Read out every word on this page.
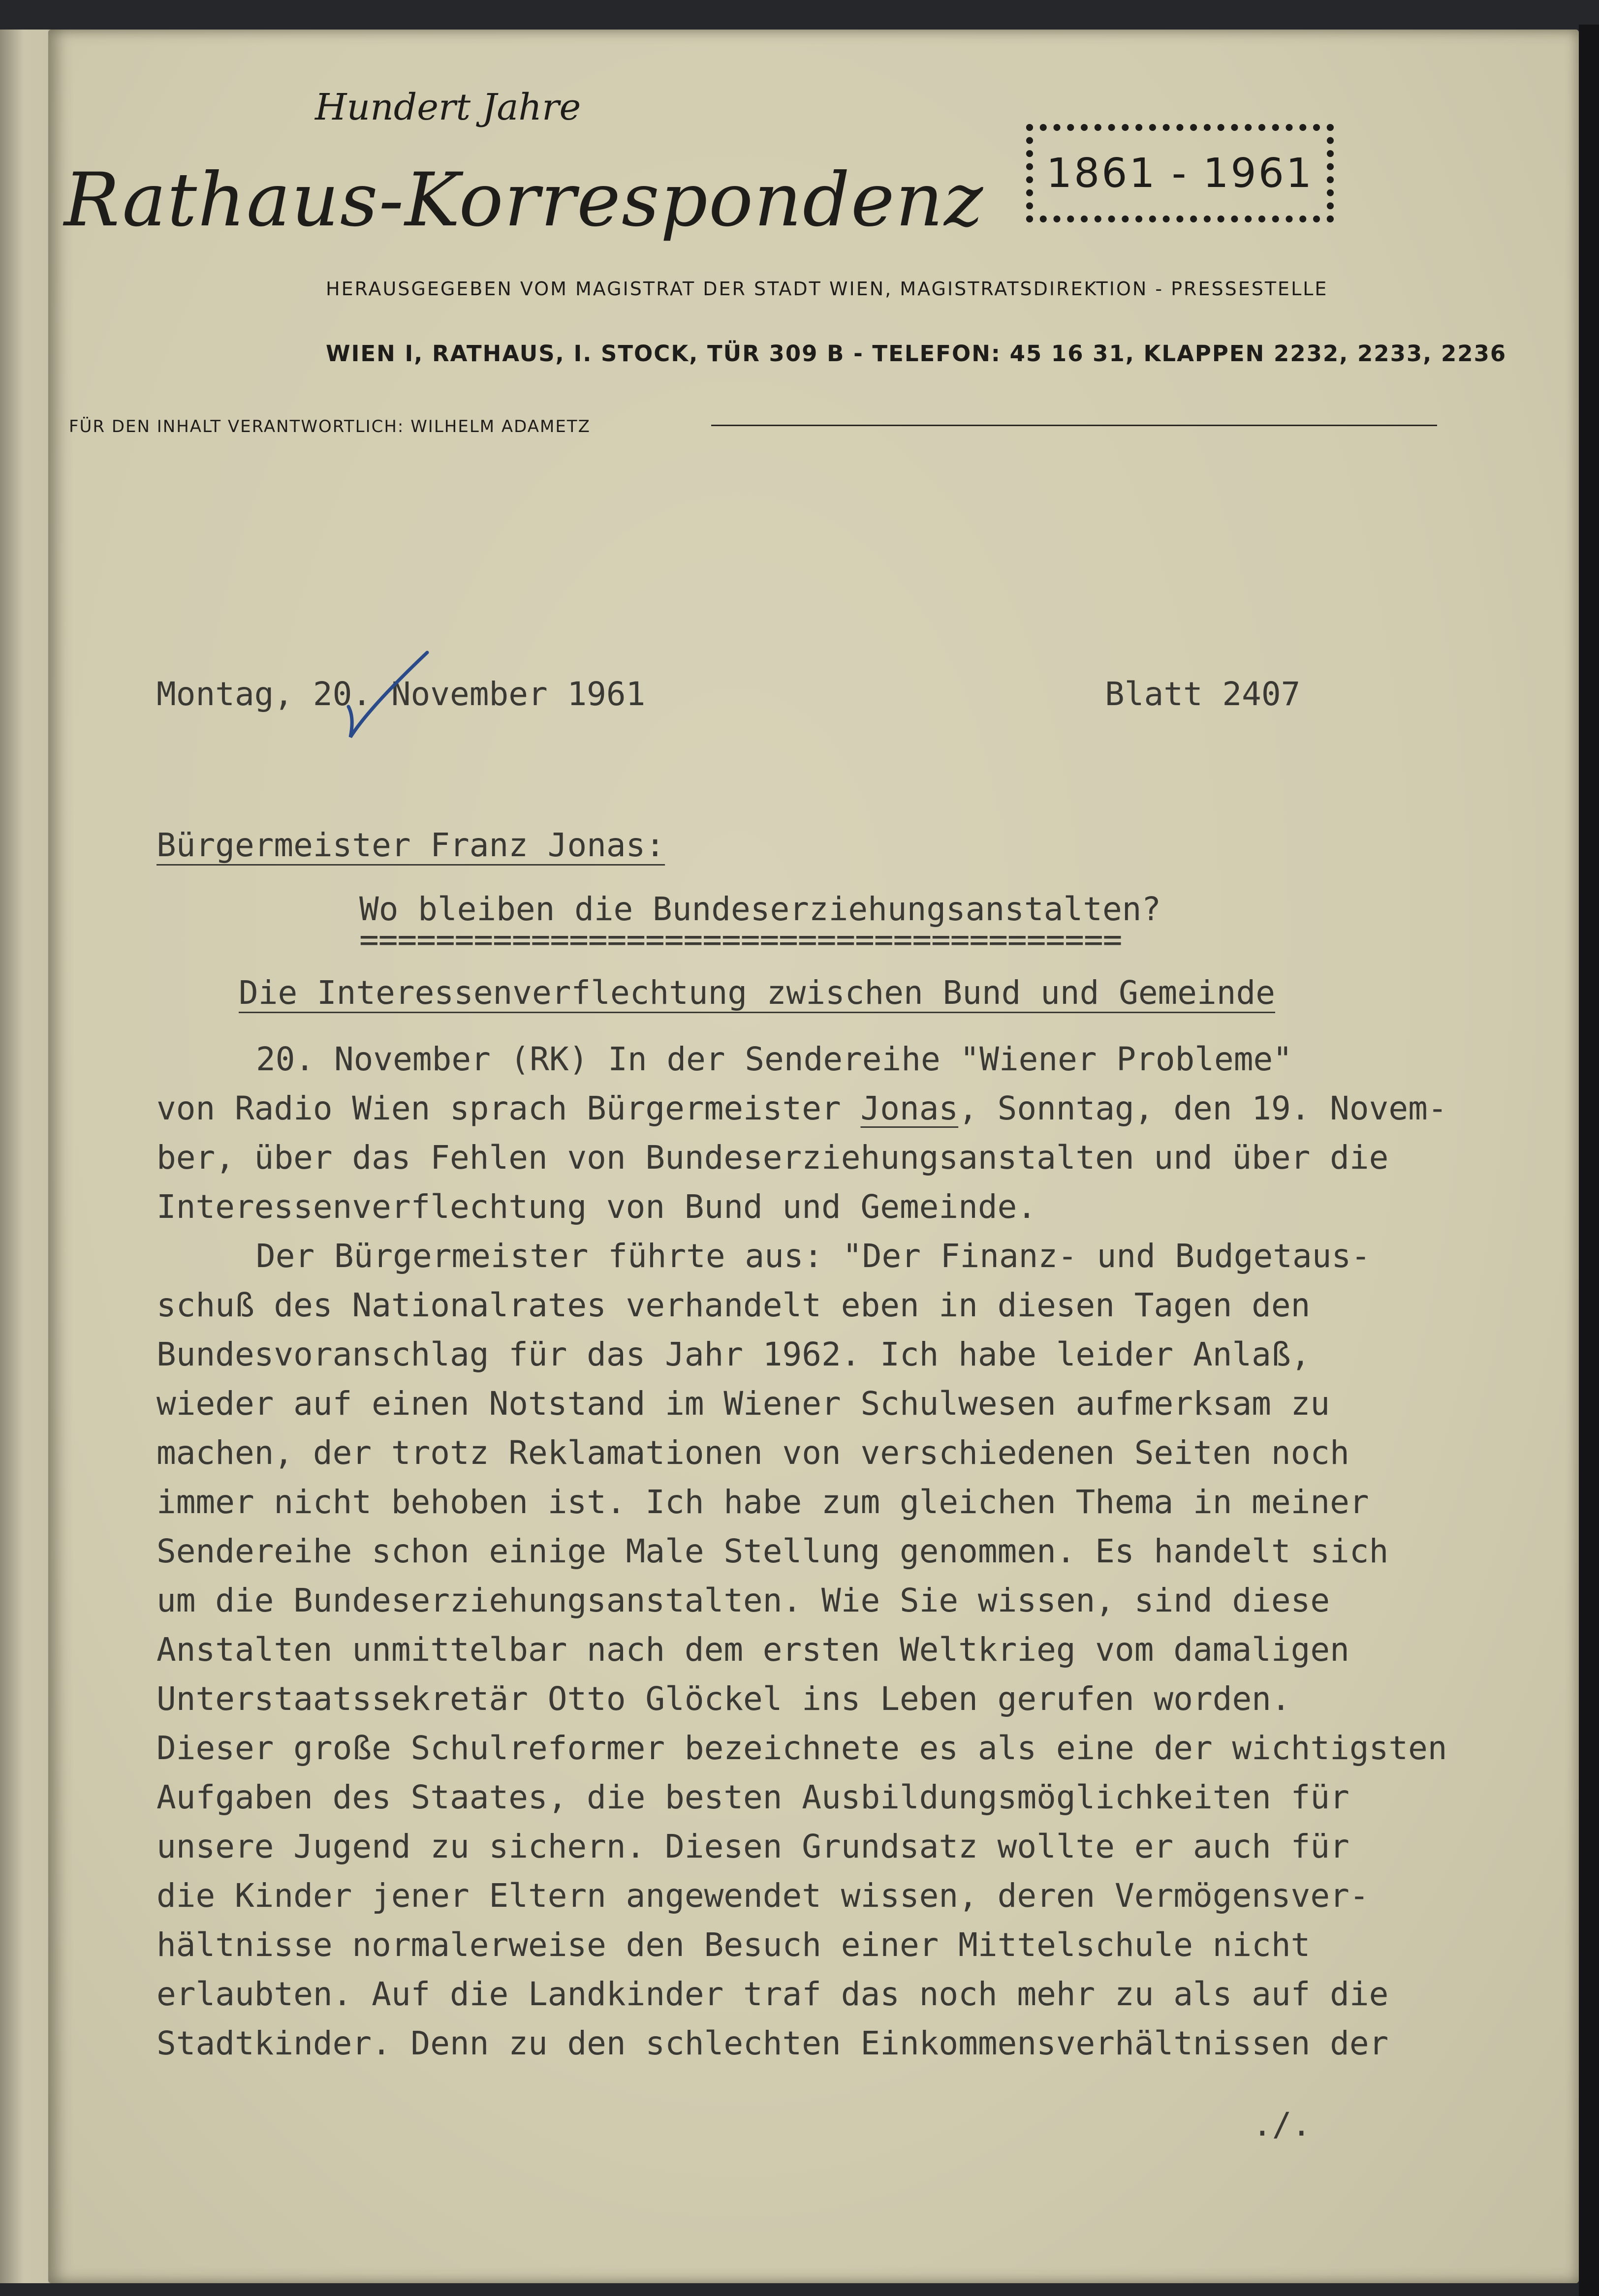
Hundert Jahre
Rathaus-Korrespondenz 1861 - 1961
HERAUSGEGEBEN VOM MAGISTRAT DER STADT WIEN, MAGISTRATSDIREKTION - PRESSESTELLE
WIEN I, RATHAUS, I. STOCK, TÜR 309 B - TELEFON: 45 16 31, KLAPPEN 2232, 2233, 2236
FÜR DEN INHALT VERANTWORTLICH: WILHELM ADAMETZ
Montag, 20. November 1961	Blatt 2407
Bürgermeister Franz Jonas:
Wo bleiben die Bundeserziehungsanstalten?
========================================
Die Interessenverflechtung zwischen Bund und Gemeinde
20. November (RK) In der Sendereihe "Wiener Probleme"
von Radio Wien sprach Bürgermeister Jonas, Sonntag, den 19. Novem-
ber, über das Fehlen von Bundeserziehungsanstalten und über die
Interessenverflechtung von Bund und Gemeinde.
Der Bürgermeister führte aus: "Der Finanz- und Budgetaus-
schuß des Nationalrates verhandelt eben in diesen Tagen den
Bundesvoranschlag für das Jahr 1962. Ich habe leider Anlaß,
wieder auf einen Notstand im Wiener Schulwesen aufmerksam zu
machen, der trotz Reklamationen von verschiedenen Seiten noch
immer nicht behoben ist. Ich habe zum gleichen Thema in meiner
Sendereihe schon einige Male Stellung genommen. Es handelt sich
um die Bundeserziehungsanstalten. Wie Sie wissen, sind diese
Anstalten unmittelbar nach dem ersten Weltkrieg vom damaligen
Unterstaatssekretär Otto Glöckel ins Leben gerufen worden.
Dieser große Schulreformer bezeichnete es als eine der wichtigsten
Aufgaben des Staates, die besten Ausbildungsmöglichkeiten für
unsere Jugend zu sichern. Diesen Grundsatz wollte er auch für
die Kinder jener Eltern angewendet wissen, deren Vermögensver-
hältnisse normalerweise den Besuch einer Mittelschule nicht
erlaubten. Auf die Landkinder traf das noch mehr zu als auf die
Stadtkinder. Denn zu den schlechten Einkommensverhältnissen der
./.
